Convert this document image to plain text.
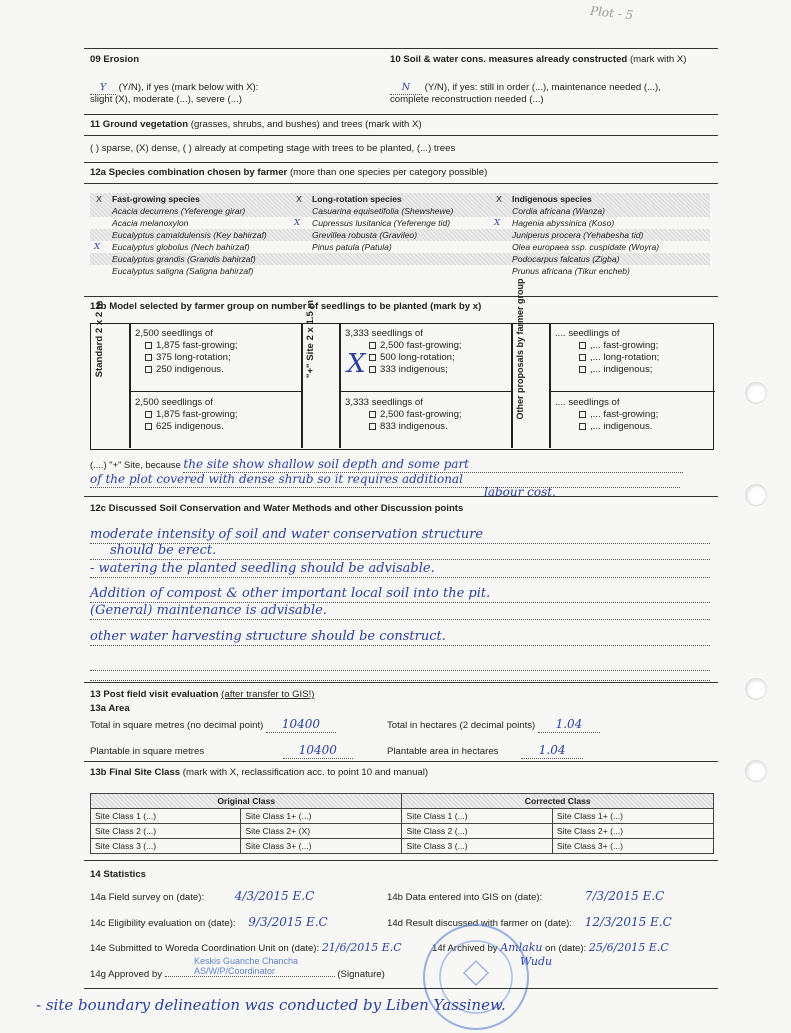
09 Erosion
Y (Y/N), if yes (mark below with X):
slight (X), moderate (...), severe (...)
10 Soil & water cons. measures already constructed (mark with X)
N (Y/N), if yes: still in order (...), maintenance needed (...),
complete reconstruction needed (...)
11 Ground vegetation (grasses, shrubs, and bushes) and trees (mark with X)
( ) sparse, (X) dense, ( ) already at competing stage with trees to be planted, (...) trees
12a Species combination chosen by farmer (more than one species per category possible)
X	Fast-growing species	X	Long-rotation species	X	Indigenous species
	Acacia decurrens (Yeferenge girar)		Casuarina equisetifolia (Shewshewe)		Cordia africana (Wanza)
	Acacia melanoxylon	X	Cupressus lusitanica (Yeferenge tid)	X	Hagenia abyssinica (Koso)
	Eucalyptus camaldulensis (Key bahirzaf)		Grevillea robusta (Gravileo)		Juniperus procera (Yehabesha tid)
X	Eucalyptus globolus (Nech bahirzaf)		Pinus patula (Patula)		Olea europaea ssp. cuspidate (Woyra)
	Eucalyptus grandis (Grandis bahirzaf)				Podocarpus falcatus (Zigba)
	Eucalyptus saligna (Saligna bahirzaf)				Prunus africana (Tikur encheb)
12b Model selected by farmer group on number of seedlings to be planted (mark by x)
Standard 2 x 2 m	"+" Site 2 x 1.5 m	Other proposals by farmer group
2,500 seedlings of
1,875 fast-growing;
375 long-rotation;
250 indigenous.
2,500 seedlings of
1,875 fast-growing;
625 indigenous.
3,333 seedlings of
2,500 fast-growing;
500 long-rotation;
333 indigenous;
X
3,333 seedlings of
2,500 fast-growing;
833 indigenous.
.... seedlings of
,... fast-growing;
,... long-rotation;
,... indigenous;
.... seedlings of
,... fast-growing;
,... indigenous.
(....) "+" Site, because the site show shallow soil depth and some part
of the plot covered with dense shrub so it requires additional
labour cost.
12c Discussed Soil Conservation and Water Methods and other Discussion points
moderate intensity of soil and water conservation structure
should be erect.
- watering the planted seedling should be advisable.
Addition of compost & other important local soil into the pit.
(General) maintenance is advisable.
other water harvesting structure should be construct.
13 Post field visit evaluation (after transfer to GIS!)
13a Area
Total in square metres (no decimal point) 10400	Total in hectares (2 decimal points) 1.04
Plantable in square metres	10400	Plantable area in hectares	1.04
13b Final Site Class (mark with X, reclassification acc. to point 10 and manual)
Original Class		Corrected Class	
Site Class 1 (...)	Site Class 1+ (...)	Site Class 1 (...)	Site Class 1+ (...)
Site Class 2 (...)	Site Class 2+ (X)	Site Class 2 (...)	Site Class 2+ (...)
Site Class 3 (...)	Site Class 3+ (...)	Site Class 3 (...)	Site Class 3+ (...)
14 Statistics
14a Field survey on (date):	4/3/2015 E.C	14b Data entered into GIS on (date):	7/3/2015 E.C
14c Eligibility evaluation on (date): 9/3/2015 E.C	14d Result discussed with farmer on (date): 12/3/2015 E.C
14e Submitted to Woreda Coordination Unit on (date): 21/6/2015 E.C	14f Archived by Amlaku on (date): 25/6/2015 E.C
Wudu
14g Approved by	(Signature)
Keskis Guanche Chancha
AS/W/P/Coordinator
Plot - 5
- site boundary delineation was conducted by Liben Yassinew.
